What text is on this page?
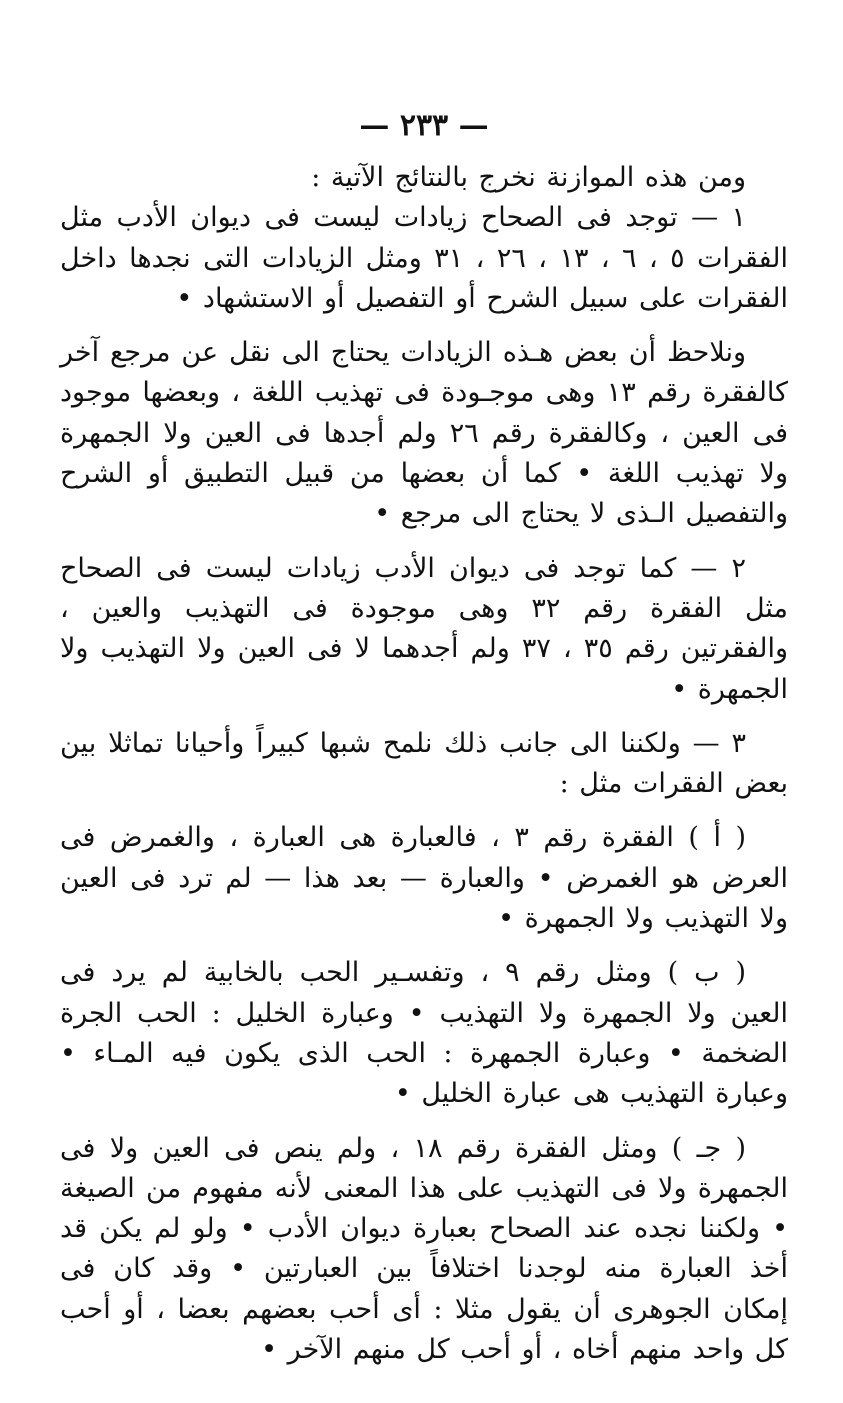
— ٢٣٣ —

ومن هذه الموازنة نخرج بالنتائج الآتية :

١ — توجد فى الصحاح زيادات ليست فى ديوان الأدب مثل الفقرات ٥ ، ٦ ، ١٣ ، ٢٦ ، ٣١ ومثل الزيادات التى نجدها داخل الفقرات على سبيل الشرح أو التفصيل أو الاستشهاد •

ونلاحظ أن بعض هـذه الزيادات يحتاج الى نقل عن مرجع آخر كالفقرة رقم ١٣ وهى موجـودة فى تهذيب اللغة ، وبعضها موجود فى العين ، وكالفقرة رقم ٢٦ ولم أجدها فى العين ولا الجمهرة ولا تهذيب اللغة • كما أن بعضها من قبيل التطبيق أو الشرح والتفصيل الـذى لا يحتاج الى مرجع •

٢ — كما توجد فى ديوان الأدب زيادات ليست فى الصحاح مثل الفقرة رقم ٣٢ وهى موجودة فى التهذيب والعين ، والفقرتين رقم ٣٥ ، ٣٧ ولم أجدهما لا فى العين ولا التهذيب ولا الجمهرة •

٣ — ولكننا الى جانب ذلك نلمح شبها كبيراً وأحيانا تماثلا بين بعض الفقرات مثل :

( أ ) الفقرة رقم ٣ ، فالعبارة هى العبارة ، والغمرض فى العرض هو الغمرض • والعبارة — بعد هذا — لم ترد فى العين ولا التهذيب ولا الجمهرة •

( ب ) ومثل رقم ٩ ، وتفسـير الحب بالخابية لم يرد فى العين ولا الجمهرة ولا التهذيب • وعبارة الخليل : الحب الجرة الضخمة • وعبارة الجمهرة : الحب الذى يكون فيه المـاء • وعبارة التهذيب هى عبارة الخليل •

( جـ ) ومثل الفقرة رقم ١٨ ، ولم ينص فى العين ولا فى الجمهرة ولا فى التهذيب على هذا المعنى لأنه مفهوم من الصيغة • ولكننا نجده عند الصحاح بعبارة ديوان الأدب • ولو لم يكن قد أخذ العبارة منه لوجدنا اختلافاً بين العبارتين • وقد كان فى إمكان الجوهرى أن يقول مثلا : أى أحب بعضهم بعضا ، أو أحب كل واحد منهم أخاه ، أو أحب كل منهم الآخر •
